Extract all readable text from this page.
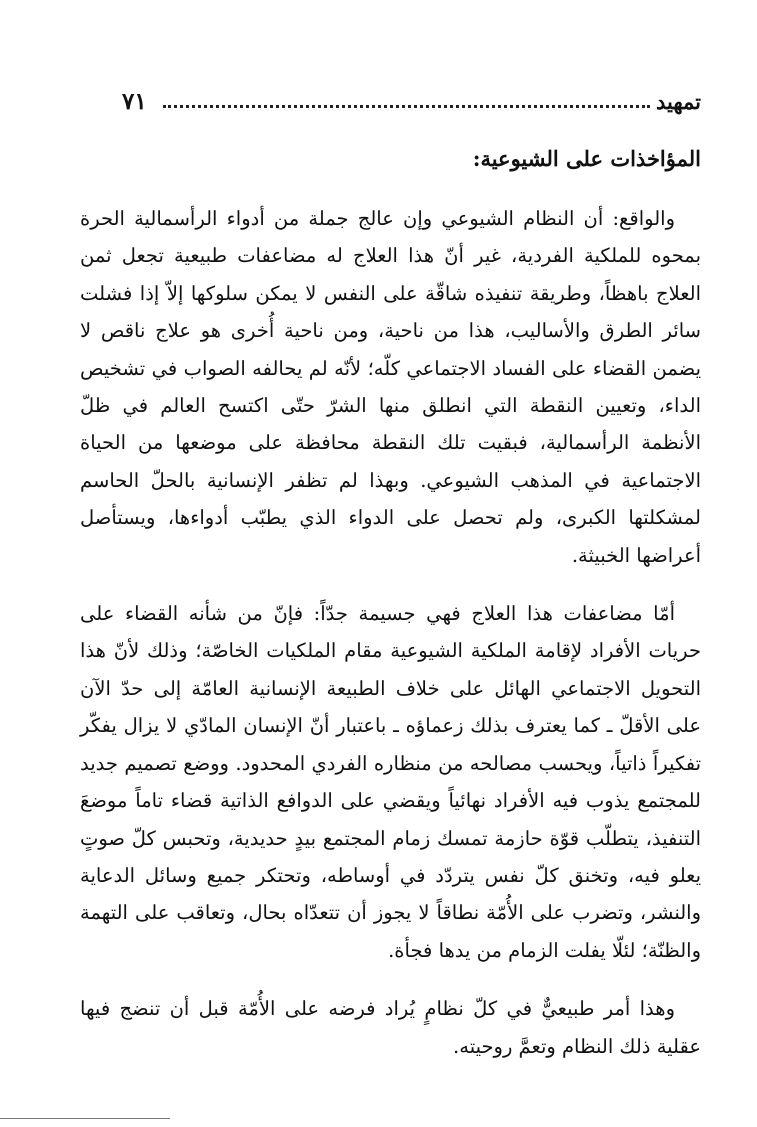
٧١	تمهيد
المؤاخذات على الشيوعية:

والواقع: أن النظام الشيوعي وإن عالج جملة من أدواء الرأسمالية الحرة بمحوه للملكية الفردية، غير أنّ هذا العلاج له مضاعفات طبيعية تجعل ثمن العلاج باهظاً، وطريقة تنفيذه شاقّة على النفس لا يمكن سلوكها إلاّ إذا فشلت سائر الطرق والأساليب، هذا من ناحية، ومن ناحية أُخرى هو علاج ناقص لا يضمن القضاء على الفساد الاجتماعي كلّه؛ لأنّه لم يحالفه الصواب في تشخيص الداء، وتعيين النقطة التي انطلق منها الشرّ حتّى اكتسح العالم في ظلّ الأنظمة الرأسمالية، فبقيت تلك النقطة محافظة على موضعها من الحياة الاجتماعية في المذهب الشيوعي. وبهذا لم تظفر الإنسانية بالحلّ الحاسم لمشكلتها الكبرى، ولم تحصل على الدواء الذي يطبّب أدواءها، ويستأصل أعراضها الخبيثة.

أمّا مضاعفات هذا العلاج فهي جسيمة جدّاً: فإنّ من شأنه القضاء على حريات الأفراد لإقامة الملكية الشيوعية مقام الملكيات الخاصّة؛ وذلك لأنّ هذا التحويل الاجتماعي الهائل على خلاف الطبيعة الإنسانية العامّة إلى حدّ الآن على الأقلّ ـ كما يعترف بذلك زعماؤه ـ باعتبار أنّ الإنسان المادّي لا يزال يفكّر تفكيراً ذاتياً، ويحسب مصالحه من منظاره الفردي المحدود. ووضع تصميم جديد للمجتمع يذوب فيه الأفراد نهائياً ويقضي على الدوافع الذاتية قضاء تاماً موضعَ التنفيذ، يتطلّب قوّة حازمة تمسك زمام المجتمع بيدٍ حديدية، وتحبس كلّ صوتٍ يعلو فيه، وتخنق كلّ نفس يتردّد في أوساطه، وتحتكر جميع وسائل الدعاية والنشر، وتضرب على الأُمّة نطاقاً لا يجوز أن تتعدّاه بحال، وتعاقب على التهمة والظنّة؛ لئلّا يفلت الزمام من يدها فجأة.

وهذا أمر طبيعيٌّ في كلّ نظامٍ يُراد فرضه على الأُمّة قبل أن تنضج فيها عقلية ذلك النظام وتعمَّ روحيته.
